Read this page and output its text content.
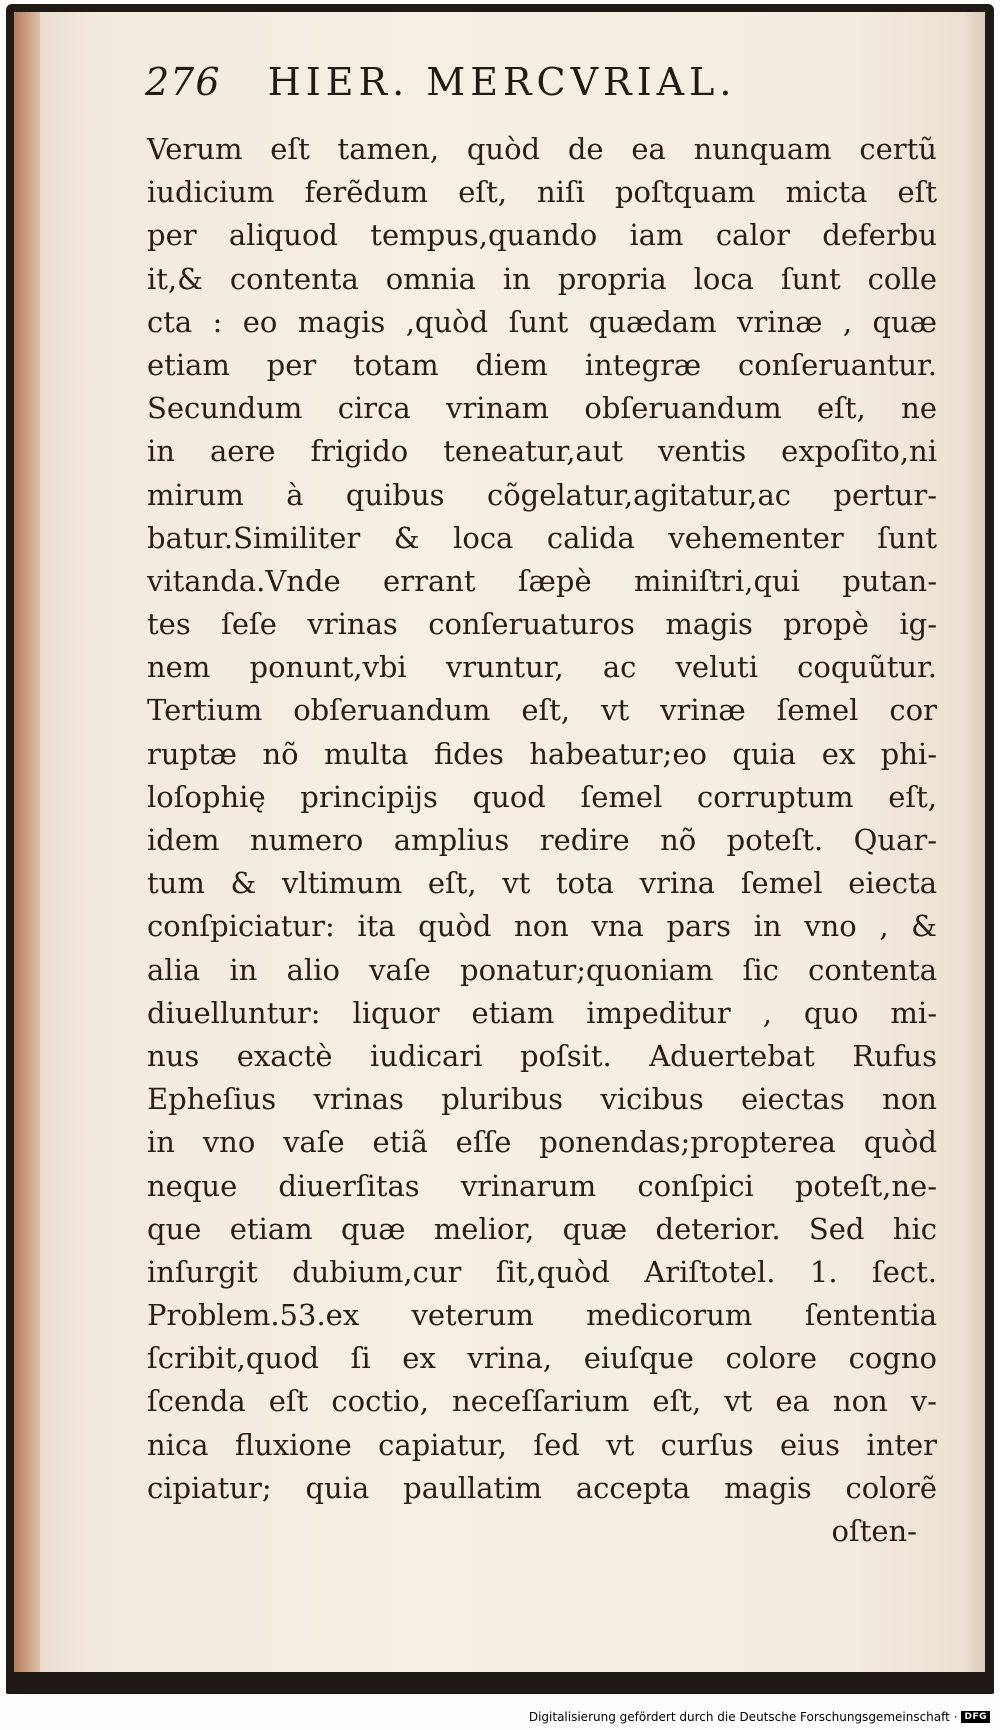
276 HIER. MERCVRIAL.
Verum eſt tamen, quòd de ea nunquam certũ
iudicium ferẽdum eſt, niſi poſtquam micta eſt
per aliquod tempus,quando iam calor deferbu
it,& contenta omnia in propria loca ſunt colle
cta : eo magis ,quòd ſunt quædam vrinæ , quæ
etiam per totam diem integræ conſeruantur.
Secundum circa vrinam obſeruandum eſt, ne
in aere frigido teneatur,aut ventis expoſito,ni
mirum à quibus cõgelatur,agitatur,ac pertur-
batur.Similiter & loca calida vehementer ſunt
vitanda.Vnde errant ſæpè miniſtri,qui putan-
tes ſeſe vrinas conſeruaturos magis propè ig-
nem ponunt,vbi vruntur, ac veluti coquũtur.
Tertium obſeruandum eſt, vt vrinæ ſemel cor
ruptæ nõ multa fides habeatur;eo quia ex phi-
loſophię principijs quod ſemel corruptum eſt,
idem numero amplius redire nõ poteſt. Quar-
tum & vltimum eſt, vt tota vrina ſemel eiecta
conſpiciatur: ita quòd non vna pars in vno , &
alia in alio vaſe ponatur;quoniam ſic contenta
diuelluntur: liquor etiam impeditur , quo mi-
nus exactè iudicari poſsit. Aduertebat Rufus
Epheſius vrinas pluribus vicibus eiectas non
in vno vaſe etiã eſſe ponendas;propterea quòd
neque diuerſitas vrinarum conſpici poteſt,ne-
que etiam quæ melior, quæ deterior. Sed hic
inſurgit dubium,cur ſit,quòd Ariſtotel. 1. ſect.
Problem.53.ex veterum medicorum ſententia
ſcribit,quod ſi ex vrina, eiuſque colore cogno
ſcenda eſt coctio, neceſſarium eſt, vt ea non v-
nica fluxione capiatur, ſed vt curſus eius inter
cipiatur; quia paullatim accepta magis colorẽ
oſten-
Digitalisierung gefördert durch die Deutsche Forschungsgemeinschaft · DFG
